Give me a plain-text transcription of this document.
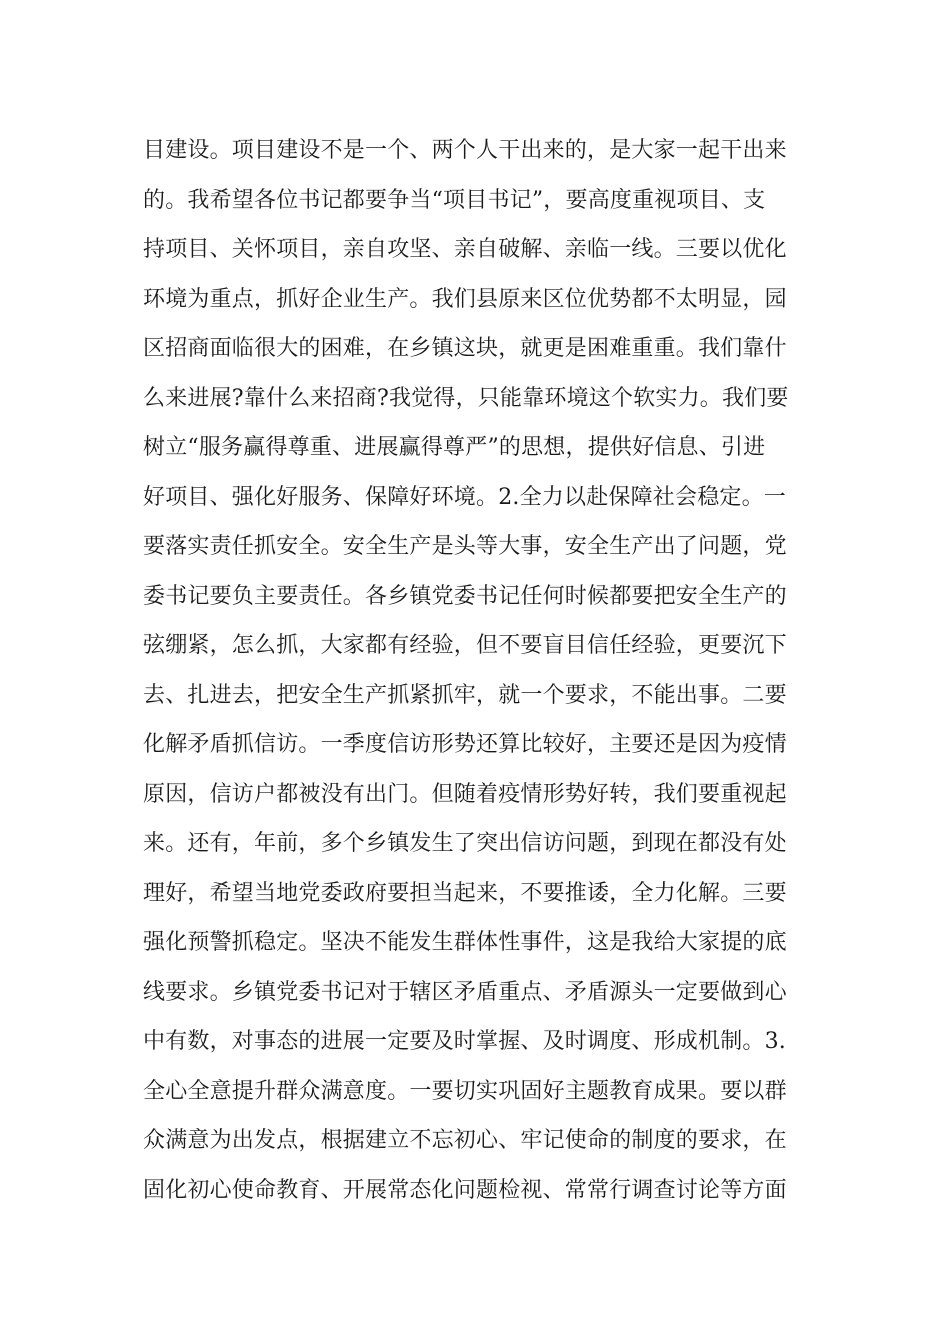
目建设。项目建设不是一个、两个人干出来的，是大家一起干出来
的。我希望各位书记都要争当“项目书记”，要高度重视项目、支
持项目、关怀项目，亲自攻坚、亲自破解、亲临一线。三要以优化
环境为重点，抓好企业生产。我们县原来区位优势都不太明显，园
区招商面临很大的困难，在乡镇这块，就更是困难重重。我们靠什
么来进展?靠什么来招商?我觉得，只能靠环境这个软实力。我们要
树立“服务赢得尊重、进展赢得尊严”的思想，提供好信息、引进
好项目、强化好服务、保障好环境。2.全力以赴保障社会稳定。一
要落实责任抓安全。安全生产是头等大事，安全生产出了问题，党
委书记要负主要责任。各乡镇党委书记任何时候都要把安全生产的
弦绷紧，怎么抓，大家都有经验，但不要盲目信任经验，更要沉下
去、扎进去，把安全生产抓紧抓牢，就一个要求，不能出事。二要
化解矛盾抓信访。一季度信访形势还算比较好，主要还是因为疫情
原因，信访户都被没有出门。但随着疫情形势好转，我们要重视起
来。还有，年前，多个乡镇发生了突出信访问题，到现在都没有处
理好，希望当地党委政府要担当起来，不要推诿，全力化解。三要
强化预警抓稳定。坚决不能发生群体性事件，这是我给大家提的底
线要求。乡镇党委书记对于辖区矛盾重点、矛盾源头一定要做到心
中有数，对事态的进展一定要及时掌握、及时调度、形成机制。3.
全心全意提升群众满意度。一要切实巩固好主题教育成果。要以群
众满意为出发点，根据建立不忘初心、牢记使命的制度的要求，在
固化初心使命教育、开展常态化问题检视、常常行调查讨论等方面
